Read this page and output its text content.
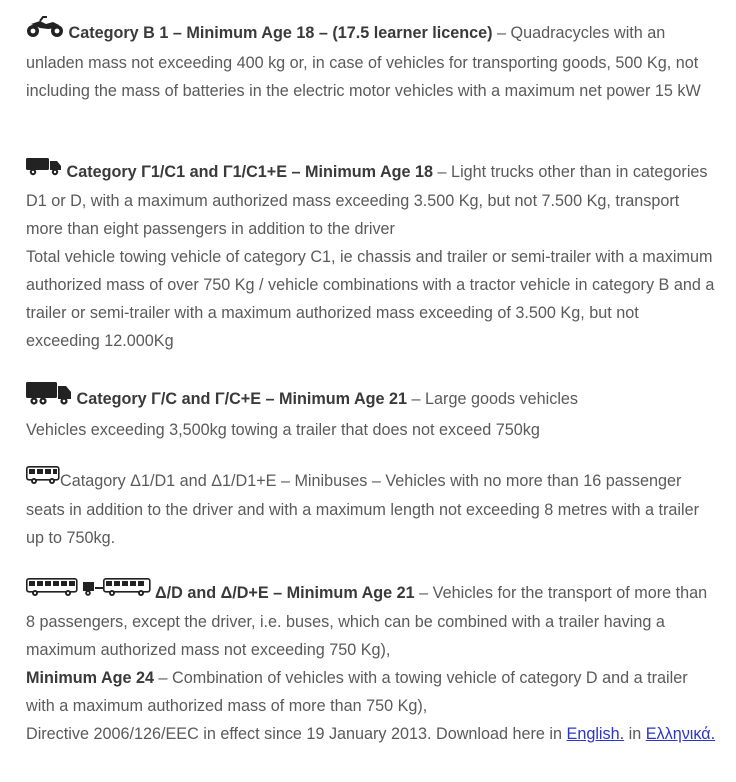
Category B 1 – Minimum Age 18 – (17.5 learner licence) – Quadracycles with an unladen mass not exceeding 400 kg or, in case of vehicles for transporting goods, 500 Kg, not including the mass of batteries in the electric motor vehicles with a maximum net power 15 kW

Category Γ1/C1 and Γ1/C1+E – Minimum Age 18 – Light trucks other than in categories D1 or D, with a maximum authorized mass exceeding 3.500 Kg, but not 7.500 Kg, transport more than eight passengers in addition to the driver

Total vehicle towing vehicle of category C1, ie chassis and trailer or semi-trailer with a maximum authorized mass of over 750 Kg / vehicle combinations with a tractor vehicle in category B and a trailer or semi-trailer with a maximum authorized mass exceeding of 3.500 Kg, but not exceeding 12.000Kg

Category Γ/C and Γ/C+E – Minimum Age 21 – Large goods vehicles

Vehicles exceeding 3,500kg towing a trailer that does not exceed 750kg

Catagory Δ1/D1 and Δ1/D1+E – Minibuses – Vehicles with no more than 16 passenger seats in addition to the driver and with a maximum length not exceeding 8 metres with a trailer up to 750kg.

Δ/D and Δ/D+E – Minimum Age 21 – Vehicles for the transport of more than 8 passengers, except the driver, i.e. buses, which can be combined with a trailer having a maximum authorized mass not exceeding 750 Kg),

Minimum Age 24 – Combination of vehicles with a towing vehicle of category D and a trailer with a maximum authorized mass of more than 750 Kg),

Directive 2006/126/EEC in effect since 19 January 2013. Download here in English. in Ελληνικά.
